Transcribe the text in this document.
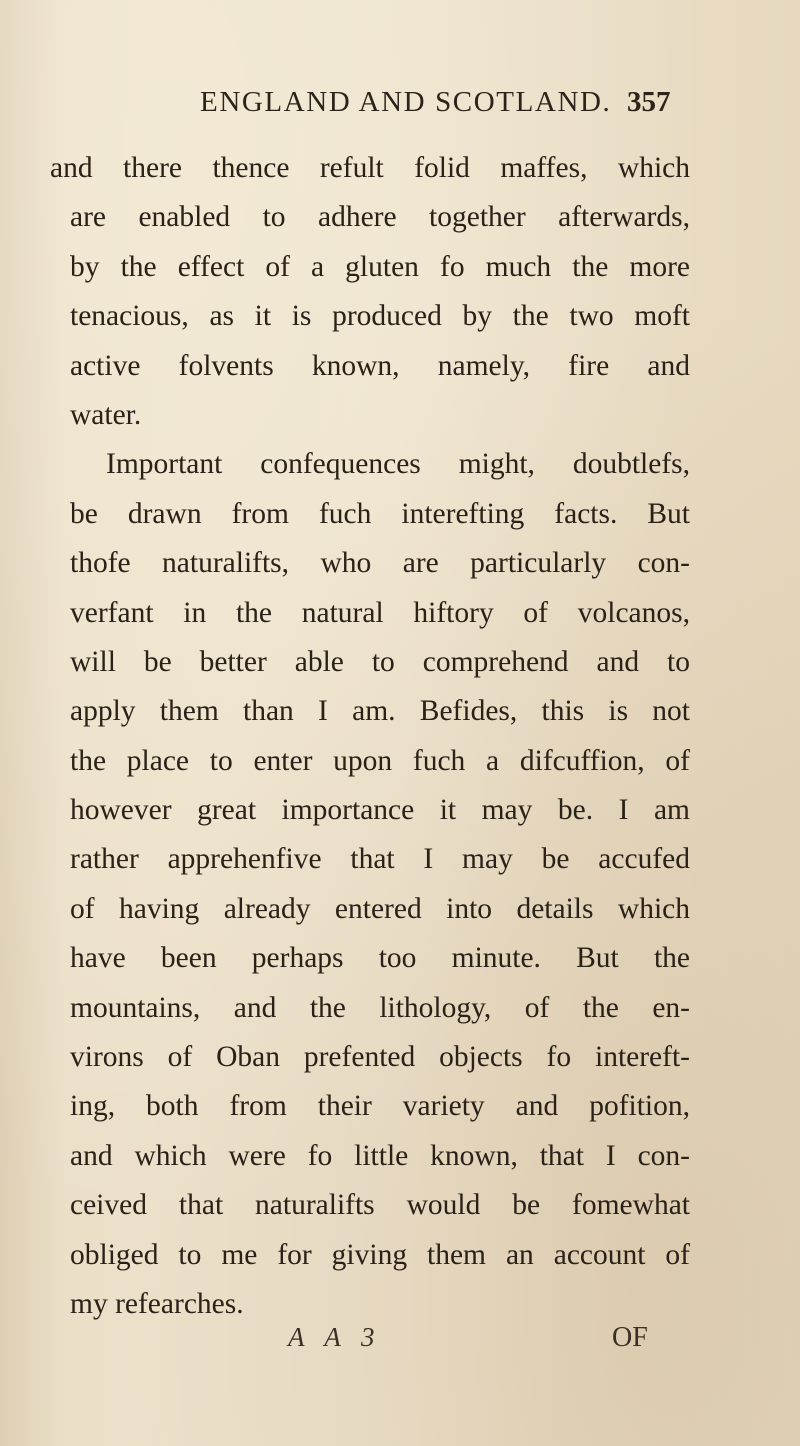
ENGLAND AND SCOTLAND. 357
and there thence refult folid maffes, which
are enabled to adhere together afterwards,
by the effect of a gluten fo much the more
tenacious, as it is produced by the two moft
active folvents known, namely, fire and
water.
Important confequences might, doubtlefs,
be drawn from fuch interefting facts. But
thofe naturalifts, who are particularly con-
verfant in the natural hiftory of volcanos,
will be better able to comprehend and to
apply them than I am. Befides, this is not
the place to enter upon fuch a difcuffion, of
however great importance it may be. I am
rather apprehenfive that I may be accufed
of having already entered into details which
have been perhaps too minute. But the
mountains, and the lithology, of the en-
virons of Oban prefented objects fo intereft-
ing, both from their variety and pofition,
and which were fo little known, that I con-
ceived that naturalifts would be fomewhat
obliged to me for giving them an account of
my refearches.
A A 3	OF
